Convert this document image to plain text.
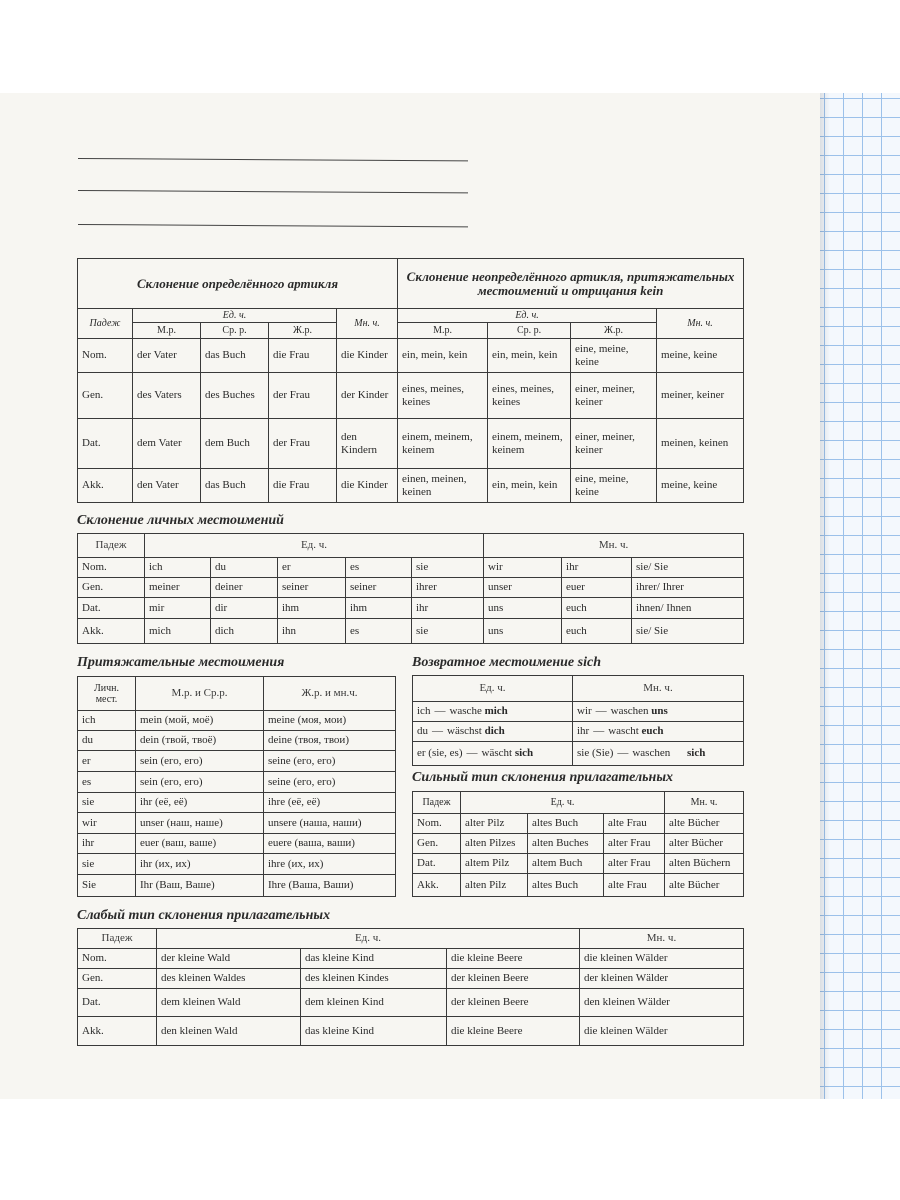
Склонение определённого артикля					Склонение неопределённого артикля, притяжательных местоимений и отрицания kein			
Падеж	Ед. ч.			Мн. ч.	Ед. ч.			Мн. ч.
	М.р.	Ср. р.	Ж.р.		М.р.	Ср. р.	Ж.р.	
Nom.	der Vater	das Buch	die Frau	die Kinder	ein, mein, kein	ein, mein, kein	eine, meine, keine	meine, keine
Gen.	des Vaters	des Buches	der Frau	der Kinder	eines, meines, keines	eines, meines, keines	einer, meiner, keiner	meiner, keiner
Dat.	dem Vater	dem Buch	der Frau	den Kindern	einem, meinem, keinem	einem, meinem, keinem	einer, meiner, keiner	meinen, keinen
Akk.	den Vater	das Buch	die Frau	die Kinder	einen, meinen, keinen	ein, mein, kein	eine, meine, keine	meine, keine

Склонение личных местоимений

Падеж	Ед. ч.					Мн. ч.		
Nom.	ich	du	er	es	sie	wir	ihr	sie/ Sie
Gen.	meiner	deiner	seiner	seiner	ihrer	unser	euer	ihrer/ Ihrer
Dat.	mir	dir	ihm	ihm	ihr	uns	euch	ihnen/ Ihnen
Akk.	mich	dich	ihn	es	sie	uns	euch	sie/ Sie

Притяжательные местоимения

Личн. мест.	М.р. и Ср.р.	Ж.р. и мн.ч.
ich	mein (мой, моё)	meine (моя, мои)
du	dein (твой, твоё)	deine (твоя, твои)
er	sein (его, его)	seine (его, его)
es	sein (его, его)	seine (его, его)
sie	ihr (её, её)	ihre (её, её)
wir	unser (наш, наше)	unsere (наша, наши)
ihr	euer (ваш, ваше)	euere (ваша, ваши)
sie	ihr (их, их)	ihre (их, их)
Sie	Ihr (Ваш, Ваше)	Ihre (Ваша, Ваши)

Возвратное местоимение sich

Ед. ч.	Мн. ч.
ich — wasche mich	wir — waschen uns
du — wäschst dich	ihr — wascht euch
er (sie, es) — wäscht sich	sie (Sie) — waschen sich

Сильный тип склонения прилагательных

Падеж	Ед. ч.			Мн. ч.
Nom.	alter Pilz	altes Buch	alte Frau	alte Bücher
Gen.	alten Pilzes	alten Buches	alter Frau	alter Bücher
Dat.	altem Pilz	altem Buch	alter Frau	alten Büchern
Akk.	alten Pilz	altes Buch	alte Frau	alte Bücher

Слабый тип склонения прилагательных

Падеж	Ед. ч.			Мн. ч.
Nom.	der kleine Wald	das kleine Kind	die kleine Beere	die kleinen Wälder
Gen.	des kleinen Waldes	des kleinen Kindes	der kleinen Beere	der kleinen Wälder
Dat.	dem kleinen Wald	dem kleinen Kind	der kleinen Beere	den kleinen Wälder
Akk.	den kleinen Wald	das kleine Kind	die kleine Beere	die kleinen Wälder
